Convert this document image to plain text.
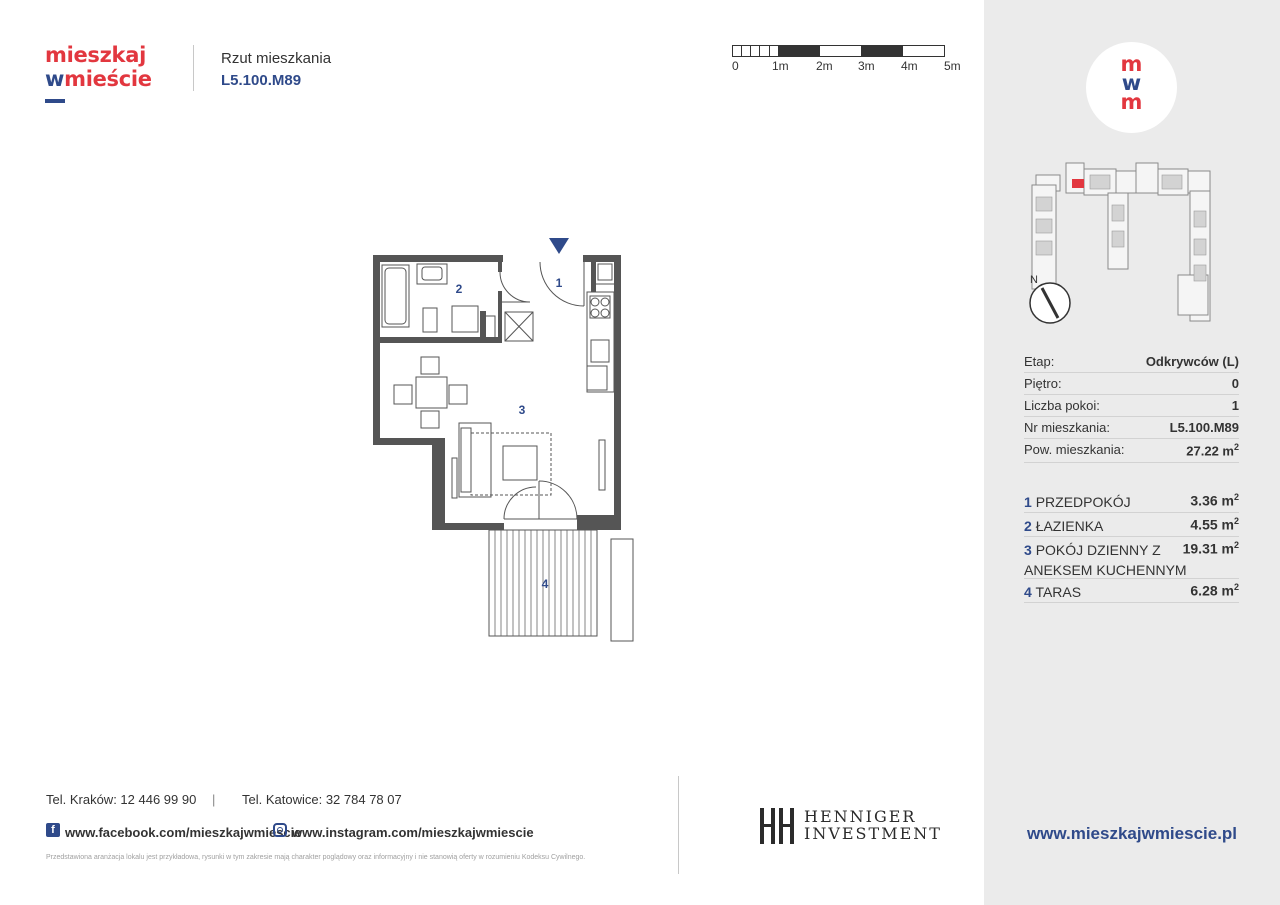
mieszkaj
wmieście
Rzut mieszkania
L5.100.M89
0	1m 2m 3m 4m 5m
1
2
3
4
m
w
m
N
Etap:	Odkrywców (L)
Piętro:	0
Liczba pokoi:	1
Nr mieszkania:	L5.100.M89
Pow. mieszkania:	27.22 $m^2$
1 PRZEDPOKÓJ	3.36 $m^2$
2 ŁAZIENKA	4.55 $m^2$
3 POKÓJ DZIENNY Z ANEKSEM KUCHENNYM
19.31 $m^2$
4 TARAS	6.28 $m^2$
Tel. Kraków: 12 446 99 90 | Tel. Katowice: 32 784 78 07
f www.facebook.com/mieszkajwmiescie
www.instagram.com/mieszkajwmiescie
Przedstawiona aranżacja lokalu jest przykładowa, rysunki w tym zakresie mają charakter poglądowy oraz informacyjny i nie stanowią oferty w rozumieniu Kodeksu Cywilnego.
HENNIGER
INVESTMENT	www.mieszkajwmiescie.pl
